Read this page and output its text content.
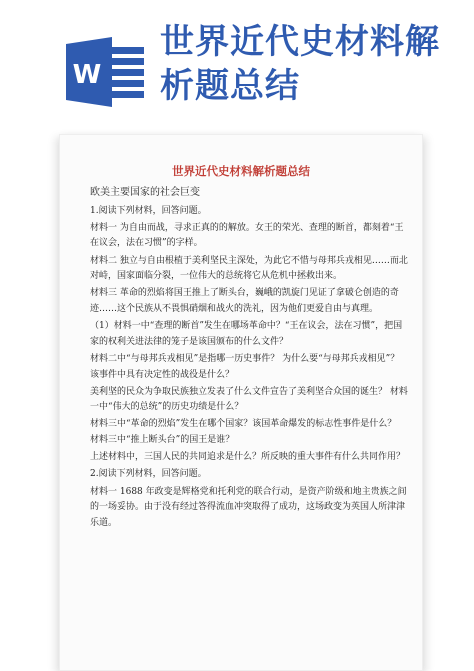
W
世界近代史材料解析题总结
世界近代史材料解析题总结

欧美主要国家的社会巨变

1.阅读下列材料，回答问题。

材料一 为自由而战，寻求正真的的解放。女王的荣光、查理的断首，都刻着“王在议会，法在习惯”的字样。

材料二 独立与自由根植于美利坚民主深处，为此它不惜与母邦兵戎相见……而北对峙，国家面临分裂，一位伟大的总统将它从危机中拯救出来。

材料三 革命的烈焰将国王推上了断头台，巍峨的凯旋门见证了拿破仑创造的奇迹……这个民族从不畏惧硝烟和战火的洗礼，因为他们更爱自由与真理。

（1）材料一中“查理的断首”发生在哪场革命中？“王在议会，法在习惯”，把国家的权利关进法律的笼子是该国颁布的什么文件？

材料二中“与母邦兵戎相见”是指哪一历史事件？ 为什么要“与母邦兵戎相见”？该事件中具有决定性的战役是什么？

美利坚的民众为争取民族独立发表了什么文件宣告了美利坚合众国的诞生？ 材料一中“伟大的总统”的历史功绩是什么？

材料三中“革命的烈焰”发生在哪个国家？该国革命爆发的标志性事件是什么？ 材料三中“推上断头台”的国王是谁？

上述材料中，三国人民的共同追求是什么？所反映的重大事件有什么共同作用？

2.阅读下列材料，回答问题。

材料一 1688 年政变是辉格党和托利党的联合行动，是资产阶级和地主贵族之间的一场妥协。由于没有经过答得流血冲突取得了成功，这场政变为英国人所津津乐道。
